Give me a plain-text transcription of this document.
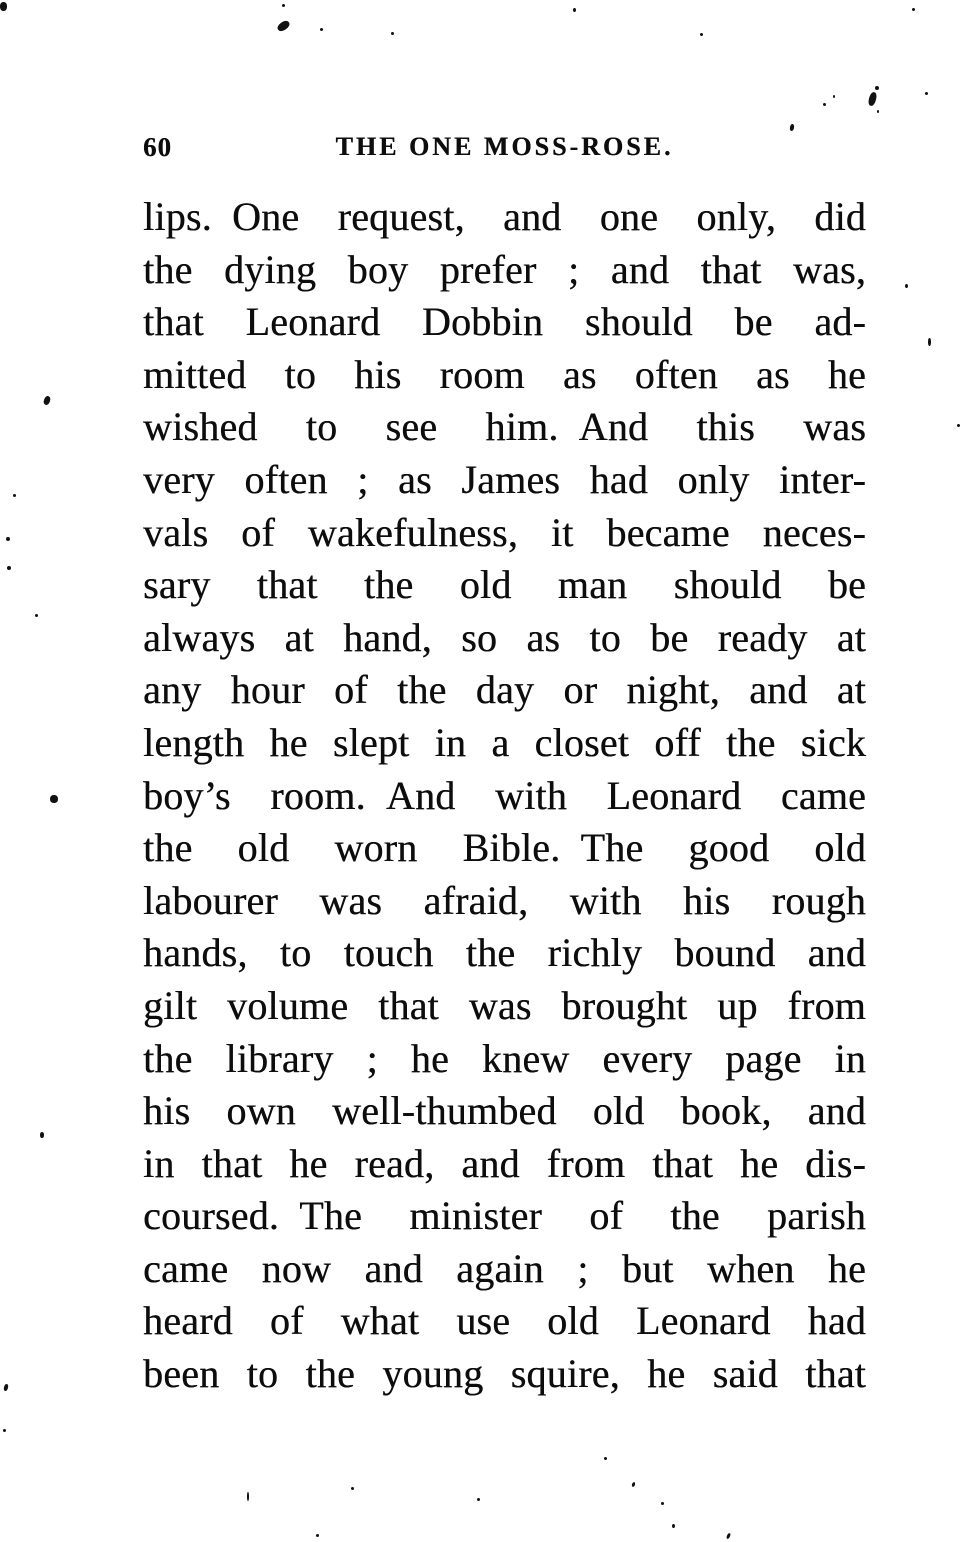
60	THE ONE MOSS-ROSE.
lips. One request, and one only, did
the dying boy prefer ; and that was,
that Leonard Dobbin should be ad-
mitted to his room as often as he
wished to see him. And this was
very often ; as James had only inter-
vals of wakefulness, it became neces-
sary that the old man should be
always at hand, so as to be ready at
any hour of the day or night, and at
length he slept in a closet off the sick
boy’s room. And with Leonard came
the old worn Bible. The good old
labourer was afraid, with his rough
hands, to touch the richly bound and
gilt volume that was brought up from
the library ; he knew every page in
his own well-thumbed old book, and
in that he read, and from that he dis-
coursed. The minister of the parish
came now and again ; but when he
heard of what use old Leonard had
been to the young squire, he said that
